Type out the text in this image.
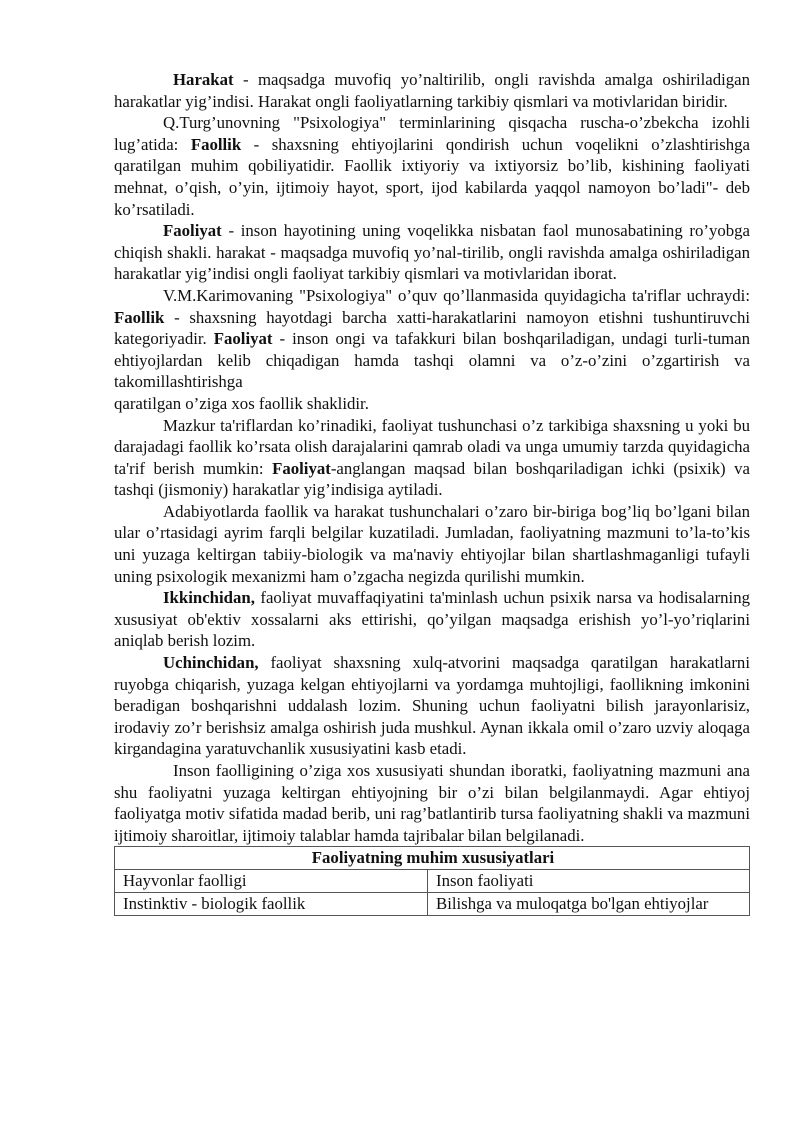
Harakat - maqsadga muvofiq yo’naltirilib, ongli ravishda amalga oshiriladigan harakatlar yig’indisi. Harakat ongli faoliyatlarning tarkibiy qismlari va motivlaridan biridir.

Q.Turg’unovning "Psixologiya" terminlarining qisqacha ruscha-o’zbekcha izohli lug’atida: Faollik - shaxsning ehtiyojlarini qondirish uchun voqelikni o’zlashtirishga qaratilgan muhim qobiliyatidir. Faollik ixtiyoriy va ixtiyorsiz bo’lib, kishining faoliyati mehnat, o’qish, o’yin, ijtimoiy hayot, sport, ijod kabilarda yaqqol namoyon bo’ladi"- deb ko’rsatiladi.

Faoliyat - inson hayotining uning voqelikka nisbatan faol munosabatining ro’yobga chiqish shakli. harakat - maqsadga muvofiq yo’nal-tirilib, ongli ravishda amalga oshiriladigan harakatlar yig’indisi ongli faoliyat tarkibiy qismlari va motivlaridan iborat.

V.M.Karimovaning "Psixologiya" o’quv qo’llanmasida quyidagicha ta'riflar uchraydi: Faollik - shaxsning hayotdagi barcha xatti-harakatlarini namoyon etishni tushuntiruvchi kategoriyadir. Faoliyat - inson ongi va tafakkuri bilan boshqariladigan, undagi turli-tuman ehtiyojlardan kelib chiqadigan hamda tashqi olamni va o’z-o’zini o’zgartirish va takomillashtirishga

qaratilgan o’ziga xos faollik shaklidir.

Mazkur ta'riflardan ko’rinadiki, faoliyat tushunchasi o’z tarkibiga shaxsning u yoki bu darajadagi faollik ko’rsata olish darajalarini qamrab oladi va unga umumiy tarzda quyidagicha ta'rif berish mumkin: Faoliyat-anglangan maqsad bilan boshqariladigan ichki (psixik) va tashqi (jismoniy) harakatlar yig’indisiga aytiladi.

Adabiyotlarda faollik va harakat tushunchalari o’zaro bir-biriga bog’liq bo’lgani bilan ular o’rtasidagi ayrim farqli belgilar kuzatiladi. Jumladan, faoliyatning mazmuni to’la-to’kis uni yuzaga keltirgan tabiiy-biologik va ma'naviy ehtiyojlar bilan shartlashmaganligi tufayli uning psixologik mexanizmi ham o’zgacha negizda qurilishi mumkin.

Ikkinchidan, faoliyat muvaffaqiyatini ta'minlash uchun psixik narsa va hodisalarning xususiyat ob'ektiv xossalarni aks ettirishi, qo’yilgan maqsadga erishish yo’l-yo’riqlarini aniqlab berish lozim.

Uchinchidan, faoliyat shaxsning xulq-atvorini maqsadga qaratilgan harakatlarni ruyobga chiqarish, yuzaga kelgan ehtiyojlarni va yordamga muhtojligi, faollikning imkonini beradigan boshqarishni uddalash lozim. Shuning uchun faoliyatni bilish jarayonlarisiz, irodaviy zo’r berishsiz amalga oshirish juda mushkul. Aynan ikkala omil o’zaro uzviy aloqaga kirgandagina yaratuvchanlik xususiyatini kasb etadi.

Inson faolligining o’ziga xos xususiyati shundan iboratki, faoliyatning mazmuni ana shu faoliyatni yuzaga keltirgan ehtiyojning bir o’zi bilan belgilanmaydi. Agar ehtiyoj faoliyatga motiv sifatida madad berib, uni rag’batlantirib tursa faoliyatning shakli va mazmuni ijtimoiy sharoitlar, ijtimoiy talablar hamda tajribalar bilan belgilanadi.

Faoliyatning muhim xususiyatlari	
Hayvonlar faolligi	Inson faoliyati
Instinktiv - biologik faollik	Bilishga va muloqatga bo'lgan ehtiyojlar
